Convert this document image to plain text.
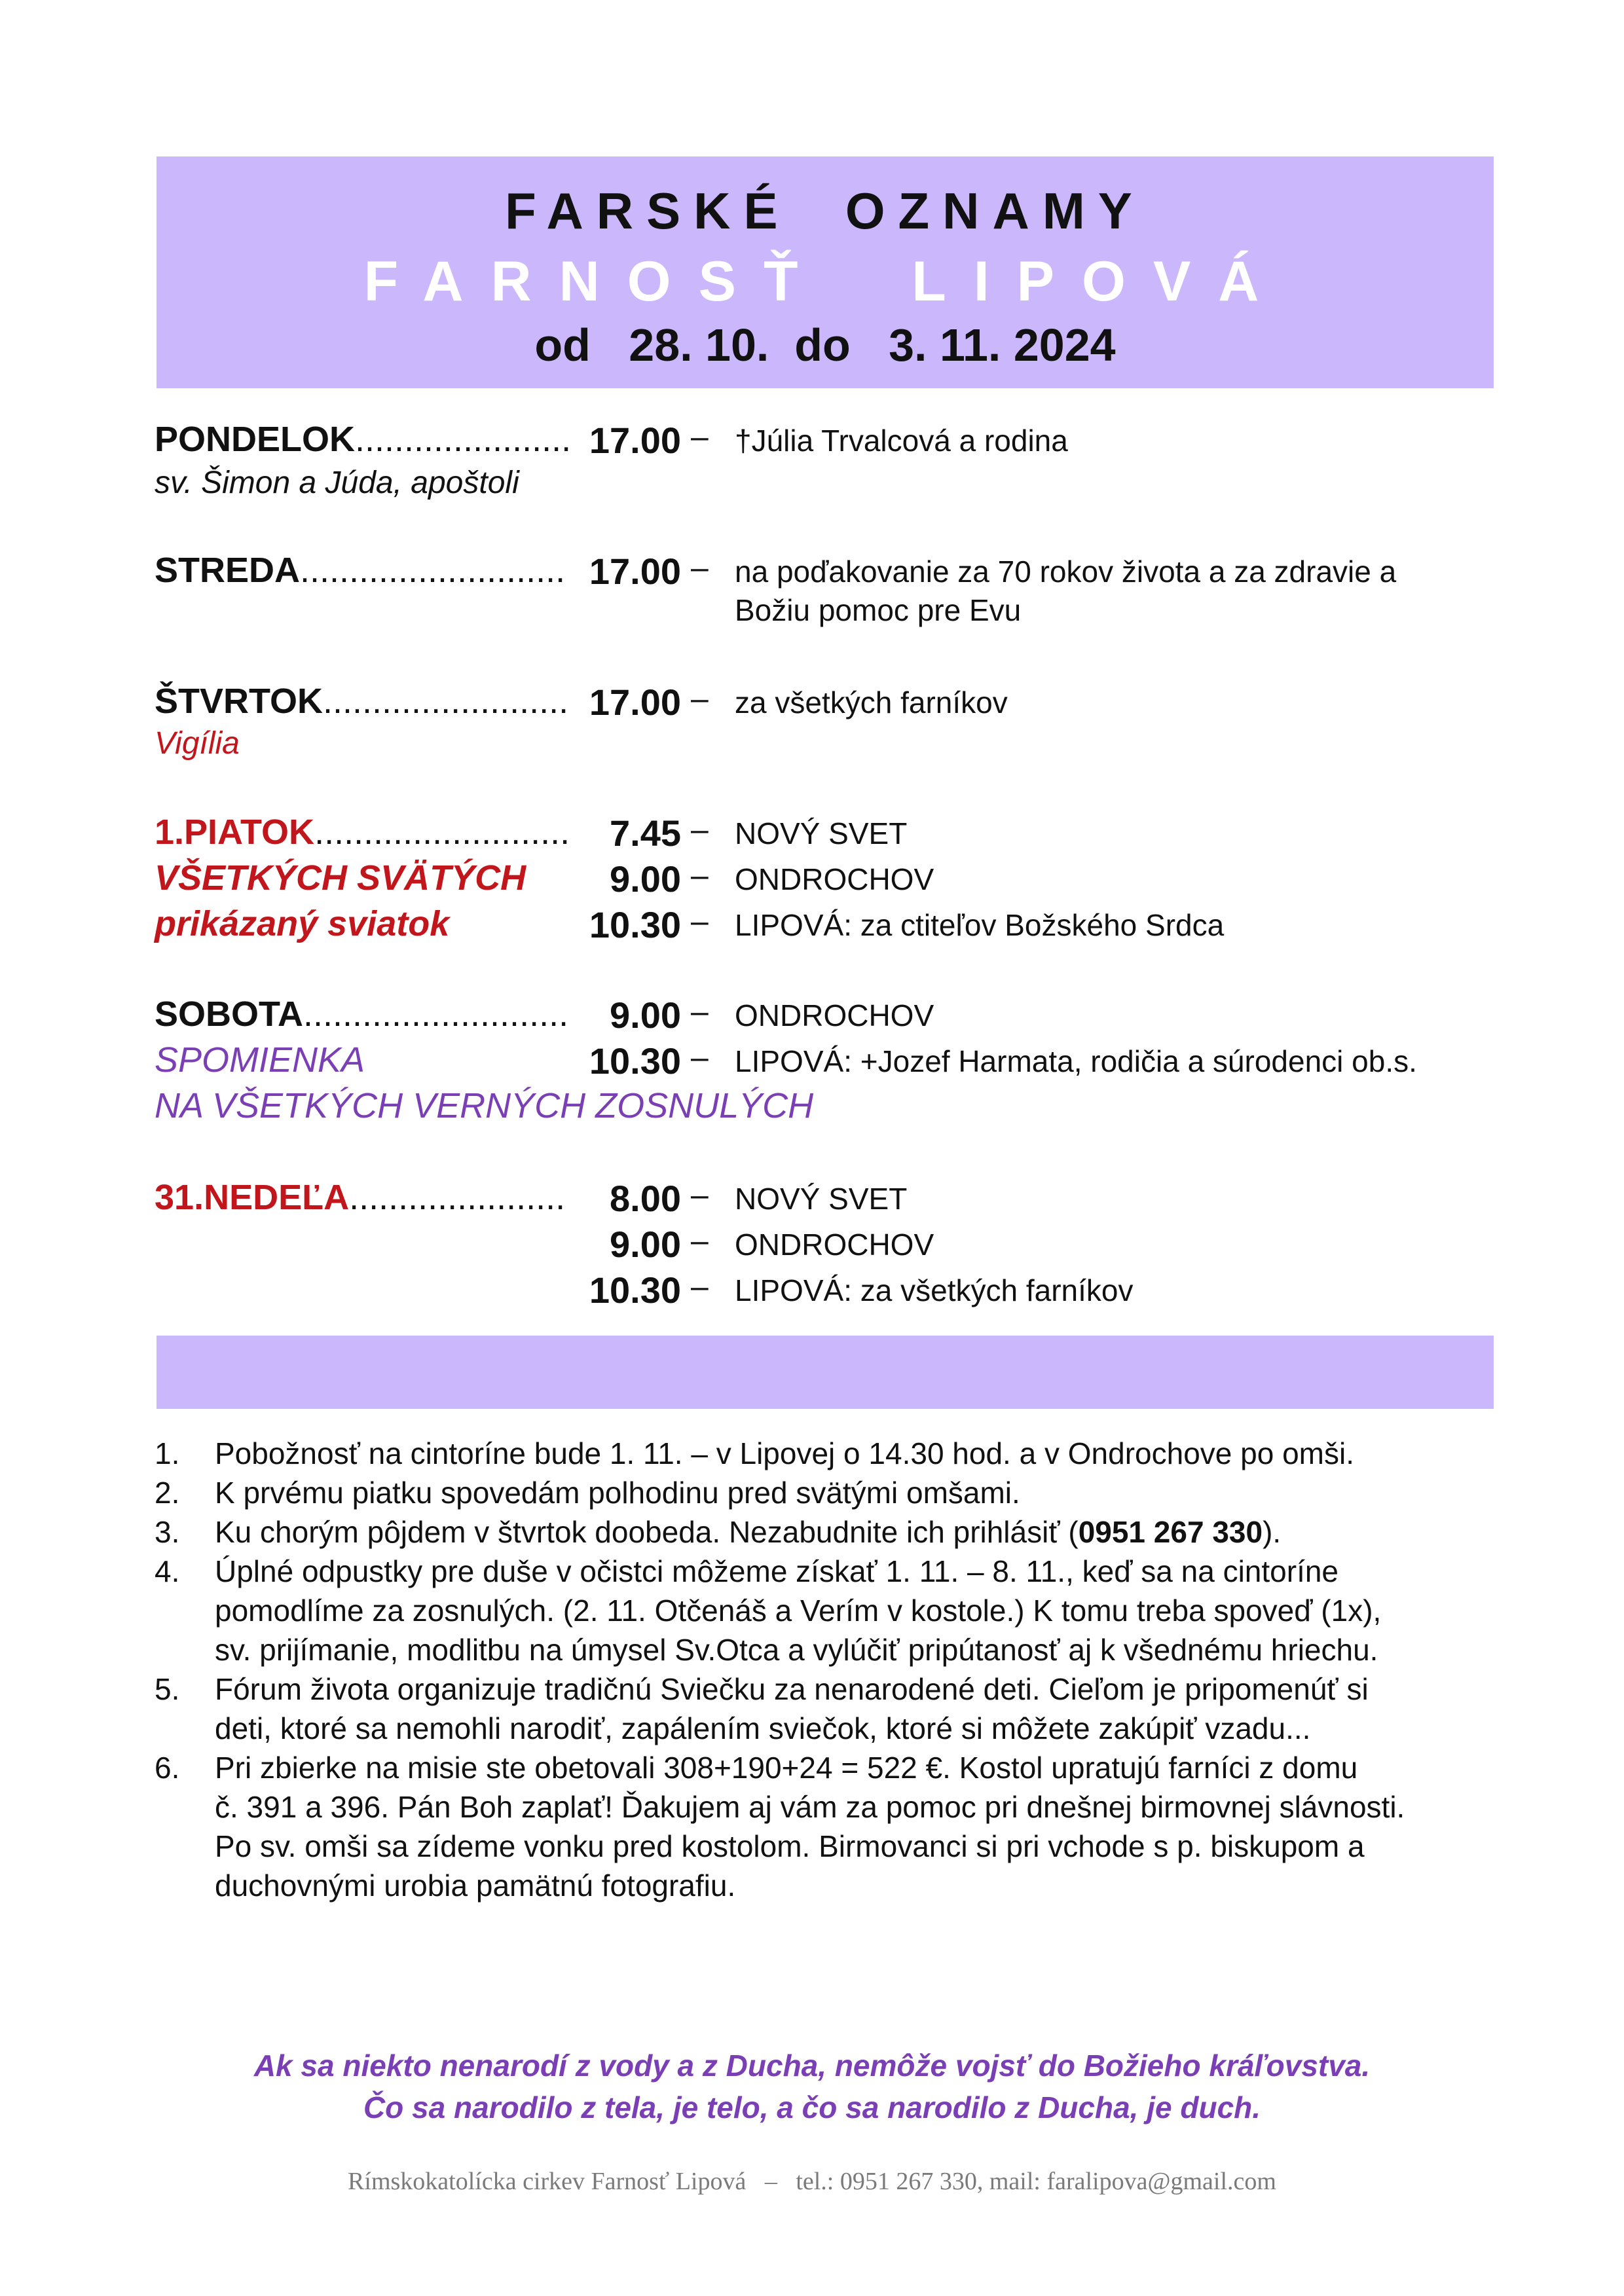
FARSKÉ  OZNAMY
FARNOSŤ  LIPOVÁ
od   28. 10.  do   3. 11. 2024
PONDELOK...................... 17.00 – †Júlia Trvalcová a rodina
sv. Šimon a Júda, apoštoli
STREDA........................... 17.00 – na poďakovanie za 70 rokov života a za zdravie a
Božiu pomoc pre Evu
ŠTVRTOK......................... 17.00 – za všetkých farníkov
Vigília
1.PIATOK.......................... 7.45 – NOVÝ SVET
VŠETKÝCH SVÄTÝCH 9.00 – ONDROCHOV
prikázaný sviatok	10.30 – LIPOVÁ: za ctiteľov Božského Srdca
SOBOTA........................... 9.00 – ONDROCHOV
SPOMIENKA	10.30 – LIPOVÁ: +Jozef Harmata, rodičia a súrodenci ob.s.
NA VŠETKÝCH VERNÝCH ZOSNULÝCH
31.NEDEĽA...................... 8.00 – NOVÝ SVET
9.00 – ONDROCHOV
10.30 – LIPOVÁ: za všetkých farníkov
1. Pobožnosť na cintoríne bude 1. 11. – v Lipovej o 14.30 hod. a v Ondrochove po omši.
2. K prvému piatku spovedám polhodinu pred svätými omšami.
3. Ku chorým pôjdem v štvrtok doobeda. Nezabudnite ich prihlásiť (0951 267 330).
4. Úplné odpustky pre duše v očistci môžeme získať 1. 11. – 8. 11., keď sa na cintoríne
pomodlíme za zosnulých. (2. 11. Otčenáš a Verím v kostole.) K tomu treba spoveď (1x),
sv. prijímanie, modlitbu na úmysel Sv.Otca a vylúčiť pripútanosť aj k všednému hriechu.
5. Fórum života organizuje tradičnú Sviečku za nenarodené deti. Cieľom je pripomenúť si
deti, ktoré sa nemohli narodiť, zapálením sviečok, ktoré si môžete zakúpiť vzadu...
6. Pri zbierke na misie ste obetovali 308+190+24 = 522 €. Kostol upratujú farníci z domu
č. 391 a 396. Pán Boh zaplať! Ďakujem aj vám za pomoc pri dnešnej birmovnej slávnosti.
Po sv. omši sa zídeme vonku pred kostolom. Birmovanci si pri vchode s p. biskupom a
duchovnými urobia pamätnú fotografiu.
Ak sa niekto nenarodí z vody a z Ducha, nemôže vojsť do Božieho kráľovstva.
Čo sa narodilo z tela, je telo, a čo sa narodilo z Ducha, je duch.
Rímskokatolícka cirkev Farnosť Lipová   –   tel.: 0951 267 330, mail: faralipova@gmail.com
